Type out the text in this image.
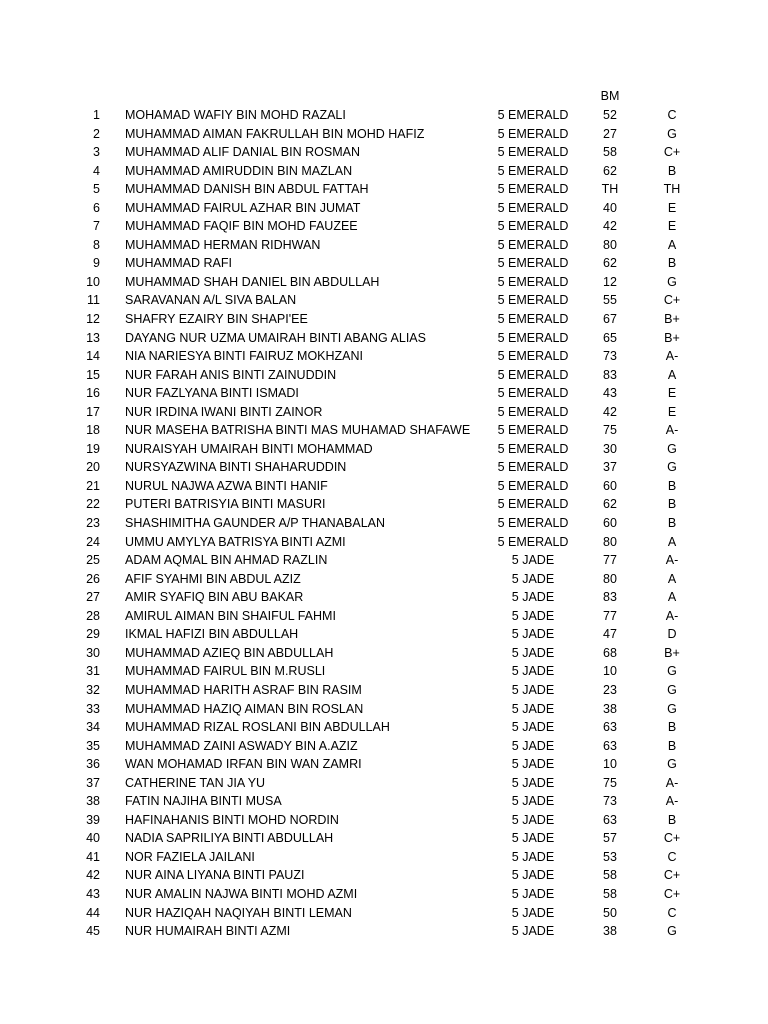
BM
1 MOHAMAD WAFIY BIN MOHD RAZALI	5 EMERALD	52	C
2 MUHAMMAD AIMAN FAKRULLAH BIN MOHD HAFIZ	5 EMERALD	27	G
3 MUHAMMAD ALIF DANIAL BIN ROSMAN	5 EMERALD	58	C+
4 MUHAMMAD AMIRUDDIN BIN MAZLAN	5 EMERALD	62	B
5 MUHAMMAD DANISH BIN ABDUL FATTAH	5 EMERALD	TH	TH
6 MUHAMMAD FAIRUL AZHAR BIN JUMAT	5 EMERALD	40	E
7 MUHAMMAD FAQIF BIN MOHD FAUZEE	5 EMERALD	42	E
8 MUHAMMAD HERMAN RIDHWAN	5 EMERALD	80	A
9 MUHAMMAD RAFI	5 EMERALD	62	B
10 MUHAMMAD SHAH DANIEL BIN ABDULLAH	5 EMERALD	12	G
11 SARAVANAN A/L SIVA BALAN	5 EMERALD	55	C+
12 SHAFRY EZAIRY BIN SHAPI'EE	5 EMERALD	67	B+
13 DAYANG NUR UZMA UMAIRAH BINTI ABANG ALIAS	5 EMERALD	65	B+
14 NIA NARIESYA BINTI FAIRUZ MOKHZANI	5 EMERALD	73	A-
15 NUR FARAH ANIS BINTI ZAINUDDIN	5 EMERALD	83	A
16 NUR FAZLYANA BINTI ISMADI	5 EMERALD	43	E
17 NUR IRDINA IWANI BINTI ZAINOR	5 EMERALD	42	E
18 NUR MASEHA BATRISHA BINTI MAS MUHAMAD SHAFAWE	5 EMERALD	75	A-
19 NURAISYAH UMAIRAH BINTI MOHAMMAD	5 EMERALD	30	G
20 NURSYAZWINA BINTI SHAHARUDDIN	5 EMERALD	37	G
21 NURUL NAJWA AZWA BINTI HANIF	5 EMERALD	60	B
22 PUTERI BATRISYIA BINTI MASURI	5 EMERALD	62	B
23 SHASHIMITHA GAUNDER A/P THANABALAN	5 EMERALD	60	B
24 UMMU AMYLYA BATRISYA BINTI AZMI	5 EMERALD	80	A
25 ADAM AQMAL BIN AHMAD RAZLIN	5 JADE	77	A-
26 AFIF SYAHMI BIN ABDUL AZIZ	5 JADE	80	A
27 AMIR SYAFIQ BIN ABU BAKAR	5 JADE	83	A
28 AMIRUL AIMAN BIN SHAIFUL FAHMI	5 JADE	77	A-
29 IKMAL HAFIZI BIN ABDULLAH	5 JADE	47	D
30 MUHAMMAD AZIEQ BIN ABDULLAH	5 JADE	68	B+
31 MUHAMMAD FAIRUL BIN M.RUSLI	5 JADE	10	G
32 MUHAMMAD HARITH ASRAF BIN RASIM	5 JADE	23	G
33 MUHAMMAD HAZIQ AIMAN BIN ROSLAN	5 JADE	38	G
34 MUHAMMAD RIZAL ROSLANI BIN ABDULLAH	5 JADE	63	B
35 MUHAMMAD ZAINI ASWADY BIN A.AZIZ	5 JADE	63	B
36 WAN MOHAMAD IRFAN BIN WAN ZAMRI	5 JADE	10	G
37 CATHERINE TAN JIA YU	5 JADE	75	A-
38 FATIN NAJIHA BINTI MUSA	5 JADE	73	A-
39 HAFINAHANIS BINTI MOHD NORDIN	5 JADE	63	B
40 NADIA SAPRILIYA BINTI ABDULLAH	5 JADE	57	C+
41 NOR FAZIELA JAILANI	5 JADE	53	C
42 NUR AINA LIYANA BINTI PAUZI	5 JADE	58	C+
43 NUR AMALIN NAJWA BINTI MOHD AZMI	5 JADE	58	C+
44 NUR HAZIQAH NAQIYAH BINTI LEMAN	5 JADE	50	C
45 NUR HUMAIRAH BINTI AZMI	5 JADE	38	G
